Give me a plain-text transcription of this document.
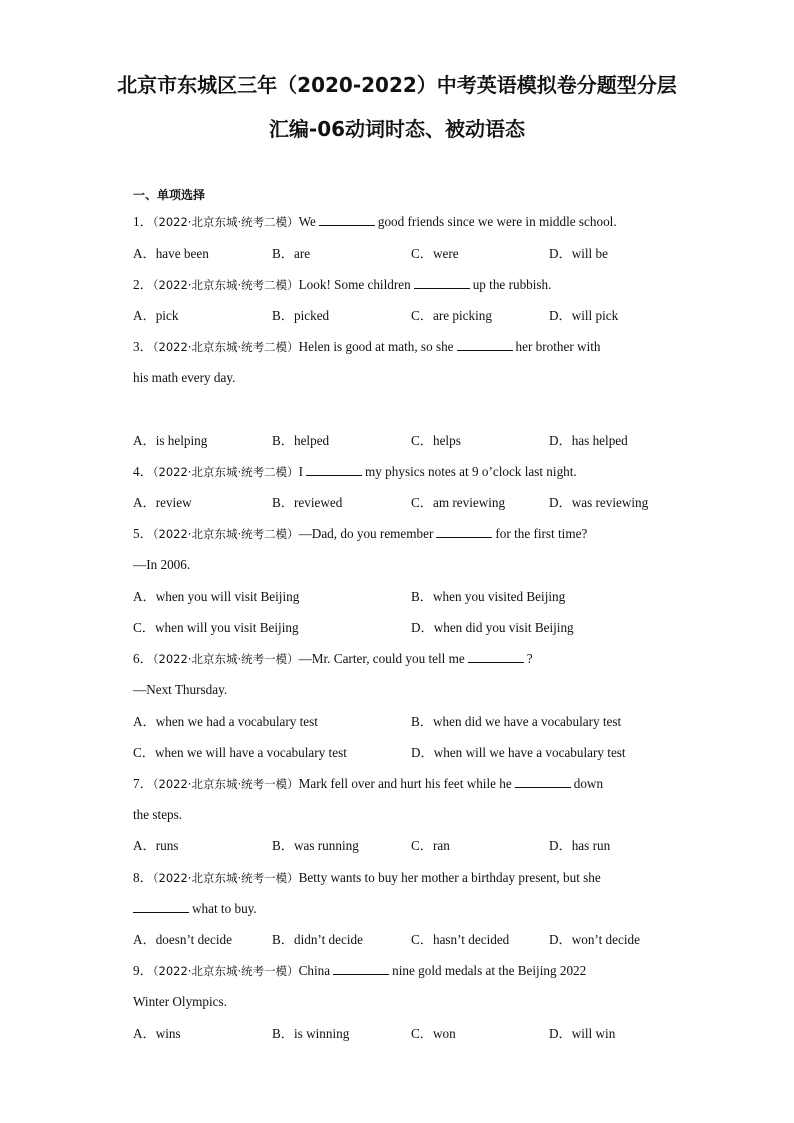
北京市东城区三年（2020-2022）中考英语模拟卷分题型分层
汇编-06动词时态、被动语态
一、单项选择
1．（2022·北京东城·统考二模）We	good friends since we were in middle school.
A．have been	B．are	C．were	D．will be
2．（2022·北京东城·统考二模）Look! Some children	up the rubbish.
A．pick	B．picked	C．are picking	D．will pick
3．（2022·北京东城·统考二模）Helen is good at math, so she	her brother with
his math every day.
A．is helping	B．helped	C．helps	D．has helped
4．（2022·北京东城·统考二模）I	my physics notes at 9 o’clock last night.
A．review	B．reviewed	C．am reviewing	D．was reviewing
5．（2022·北京东城·统考二模）—Dad, do you remember	for the first time?
—In 2006.
A．when you will visit Beijing	B．when you visited Beijing
C．when will you visit Beijing	D．when did you visit Beijing
6．（2022·北京东城·统考一模）—Mr. Carter, could you tell me	?
—Next Thursday.
A．when we had a vocabulary test	B．when did we have a vocabulary test
C．when we will have a vocabulary test	D．when will we have a vocabulary test
7．（2022·北京东城·统考一模）Mark fell over and hurt his feet while he	down
the steps.
A．runs	B．was running	C．ran	D．has run
8．（2022·北京东城·统考一模）Betty wants to buy her mother a birthday present, but she
what to buy.
A．doesn’t decide	B．didn’t decide	C．hasn’t decided	D．won’t decide
9．（2022·北京东城·统考一模）China	nine gold medals at the Beijing 2022
Winter Olympics.
A．wins	B．is winning	C．won	D．will win
